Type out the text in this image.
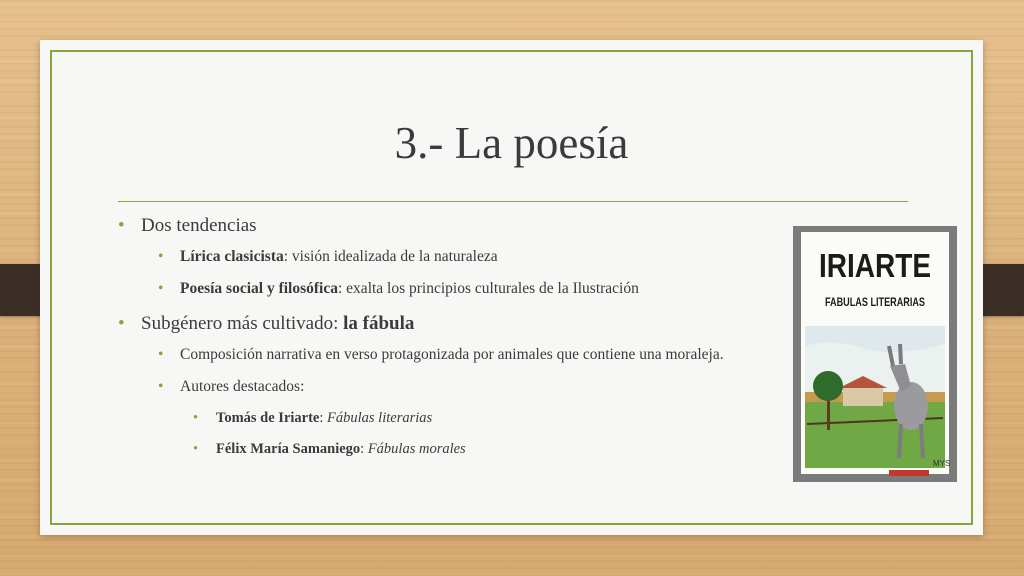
3.- La poesía
• Dos tendencias
• Lírica clasicista: visión idealizada de la naturaleza
• Poesía social y filosófica: exalta los principios culturales de la Ilustración
• Subgénero más cultivado: la fábula
• Composición narrativa en verso protagonizada por animales que contiene una moraleja.
• Autores destacados:
• Tomás de Iriarte: Fábulas literarias
• Félix María Samaniego: Fábulas morales
IRIARTE
FABULAS LITERARIAS
MYS
